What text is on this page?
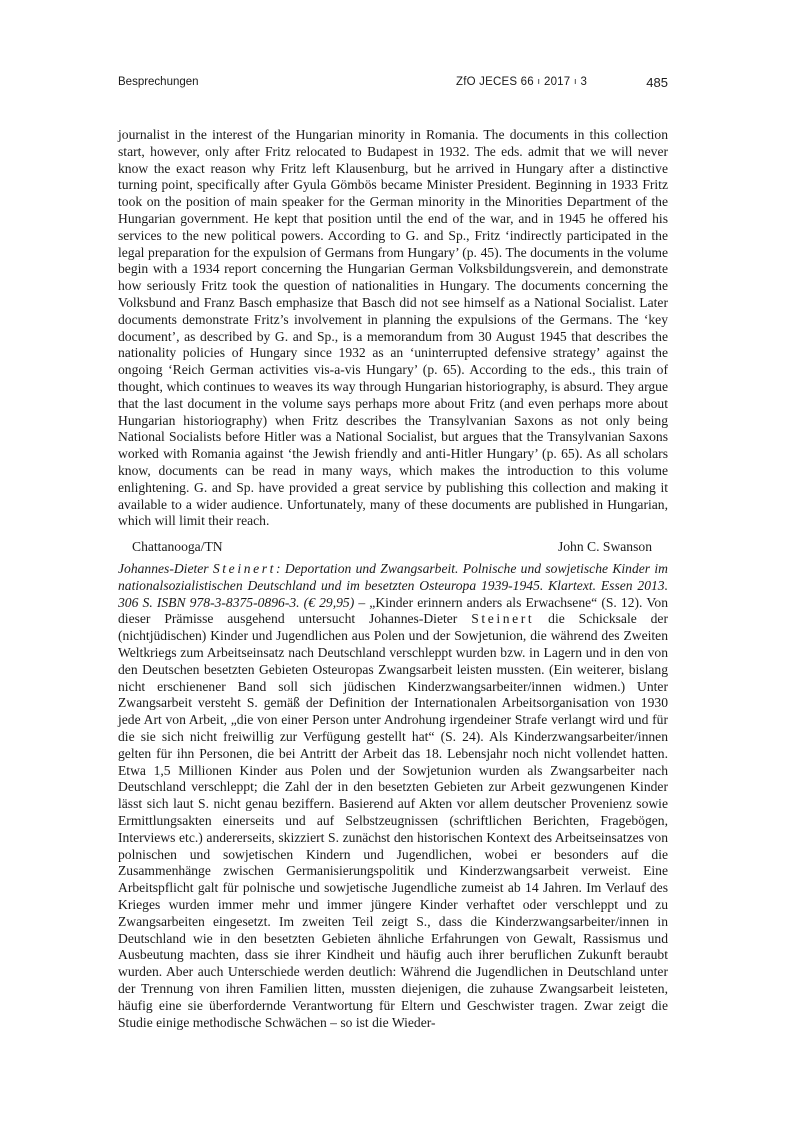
Besprechungen	ZfO JECES 66 ı 2017 ı 3	485

journalist in the interest of the Hungarian minority in Romania. The documents in this collection start, however, only after Fritz relocated to Budapest in 1932. The eds. admit that we will never know the exact reason why Fritz left Klausenburg, but he arrived in Hungary after a distinctive turning point, specifically after Gyula Gömbös became Minister President. Beginning in 1933 Fritz took on the position of main speaker for the German minority in the Minorities Department of the Hungarian government. He kept that position until the end of the war, and in 1945 he offered his services to the new political powers. According to G. and Sp., Fritz ‘indirectly participated in the legal preparation for the expulsion of Germans from Hungary’ (p. 45). The documents in the volume begin with a 1934 report concerning the Hungarian German Volksbildungsverein, and demonstrate how seriously Fritz took the question of nationalities in Hungary. The documents concerning the Volksbund and Franz Basch emphasize that Basch did not see himself as a National Socialist. Later documents demonstrate Fritz’s involvement in planning the expulsions of the Germans. The ‘key document’, as described by G. and Sp., is a memorandum from 30 August 1945 that describes the nationality policies of Hungary since 1932 as an ‘uninterrupted defensive strategy’ against the ongoing ‘Reich German activities vis-a-vis Hungary’ (p. 65). According to the eds., this train of thought, which continues to weaves its way through Hungarian historiography, is absurd. They argue that the last document in the volume says perhaps more about Fritz (and even perhaps more about Hungarian historiography) when Fritz describes the Transylvanian Saxons as not only being National Socialists before Hitler was a National Socialist, but argues that the Transylvanian Saxons worked with Romania against ‘the Jewish friendly and anti-Hitler Hungary’ (p. 65). As all scholars know, documents can be read in many ways, which makes the introduction to this volume enlightening. G. and Sp. have provided a great service by publishing this collection and making it available to a wider audience. Unfortunately, many of these documents are published in Hungarian, which will limit their reach.

Chattanooga/TN	John C. Swanson

Johannes-Dieter Steinert: Deportation und Zwangsarbeit. Polnische und sowjetische Kinder im nationalsozialistischen Deutschland und im besetzten Osteuropa 1939-1945. Klartext. Essen 2013. 306 S. ISBN 978-3-8375-0896-3. (€ 29,95) – „Kinder erinnern anders als Erwachsene“ (S. 12). Von dieser Prämisse ausgehend untersucht Johannes-Dieter Steinert die Schicksale der (nichtjüdischen) Kinder und Jugendlichen aus Polen und der Sowjetunion, die während des Zweiten Weltkriegs zum Arbeitseinsatz nach Deutschland verschleppt wurden bzw. in Lagern und in den von den Deutschen besetzten Gebieten Osteuropas Zwangsarbeit leisten mussten. (Ein weiterer, bislang nicht erschienener Band soll sich jüdischen Kinderzwangsarbeiter/innen widmen.) Unter Zwangsarbeit versteht S. gemäß der Definition der Internationalen Arbeitsorganisation von 1930 jede Art von Arbeit, „die von einer Person unter Androhung irgendeiner Strafe verlangt wird und für die sie sich nicht freiwillig zur Verfügung gestellt hat“ (S. 24). Als Kinderzwangsarbeiter/innen gelten für ihn Personen, die bei Antritt der Arbeit das 18. Lebensjahr noch nicht vollendet hatten. Etwa 1,5 Millionen Kinder aus Polen und der Sowjetunion wurden als Zwangsarbeiter nach Deutschland verschleppt; die Zahl der in den besetzten Gebieten zur Arbeit gezwungenen Kinder lässt sich laut S. nicht genau beziffern. Basierend auf Akten vor allem deutscher Provenienz sowie Ermittlungsakten einerseits und auf Selbstzeugnissen (schriftlichen Berichten, Fragebögen, Interviews etc.) andererseits, skizziert S. zunächst den historischen Kontext des Arbeitseinsatzes von polnischen und sowjetischen Kindern und Jugendlichen, wobei er besonders auf die Zusammenhänge zwischen Germanisierungspolitik und Kinderzwangsarbeit verweist. Eine Arbeitspflicht galt für polnische und sowjetische Jugendliche zumeist ab 14 Jahren. Im Verlauf des Krieges wurden immer mehr und immer jüngere Kinder verhaftet oder verschleppt und zu Zwangsarbeiten eingesetzt. Im zweiten Teil zeigt S., dass die Kinderzwangsarbeiter/innen in Deutschland wie in den besetzten Gebieten ähnliche Erfahrungen von Gewalt, Rassismus und Ausbeutung machten, dass sie ihrer Kindheit und häufig auch ihrer beruflichen Zukunft beraubt wurden. Aber auch Unterschiede werden deutlich: Während die Jugendlichen in Deutschland unter der Trennung von ihren Familien litten, mussten diejenigen, die zuhause Zwangsarbeit leisteten, häufig eine sie überfordernde Verantwortung für Eltern und Geschwister tragen. Zwar zeigt die Studie einige methodische Schwächen – so ist die Wieder-
